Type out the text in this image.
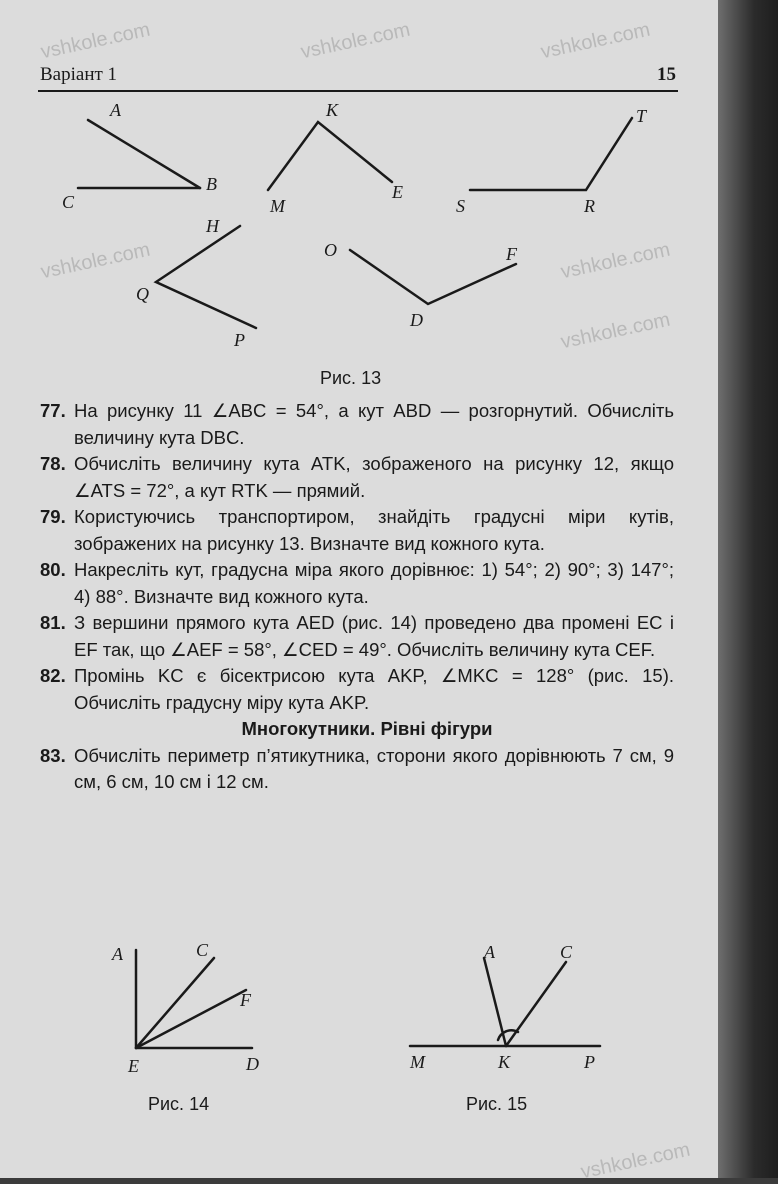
Варіант 1	15
vshkole.com	vshkole.com	vshkole.com
vshkole.com
vshkole.com
vshkole.com
vshkole.com
A
B
C
K
M
E
T
S	R
H
Q
P
O	F
D
Рис. 13
77. На рисунку 11 ∠ABC = 54°, а кут ABD — розгорнутий. Обчисліть величину кута DBC.
78. Обчисліть величину кута ATK, зображеного на рисунку 12, якщо ∠ATS = 72°, а кут RTK — прямий.
79. Користуючись транспортиром, знайдіть градусні міри кутів, зображених на рисунку 13. Визначте вид кожного кута.
80. Накресліть кут, градусна міра якого дорівнює: 1) 54°; 2) 90°; 3) 147°; 4) 88°. Визначте вид кожного кута.
81. З вершини прямого кута AED (рис. 14) проведено два промені EC і EF так, що ∠AEF = 58°, ∠CED = 49°. Обчисліть величину кута CEF.
82. Промінь KC є бісектрисою кута AKP, ∠MKC = 128° (рис. 15). Обчисліть градусну міру кута AKP.
Многокутники. Рівні фігури
83. Обчисліть периметр п’ятикутника, сторони якого дорівнюють 7 см, 9 см, 6 см, 10 см і 12 см.
A	C
F
E	D
A	C
M	K	P
Рис. 14	Рис. 15
